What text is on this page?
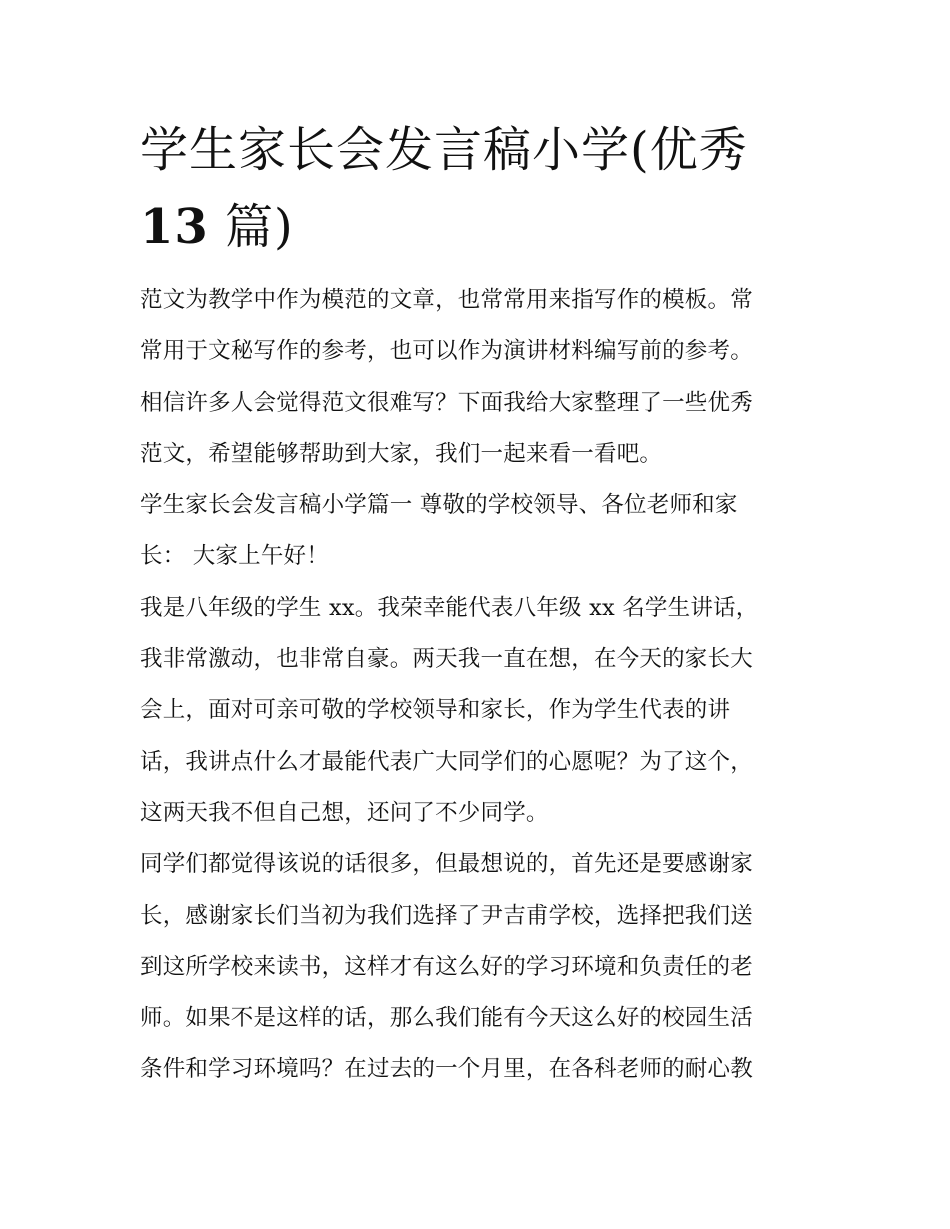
学生家长会发言稿小学(优秀
13 篇)
范文为教学中作为模范的文章，也常常用来指写作的模板。常
常用于文秘写作的参考，也可以作为演讲材料编写前的参考。
相信许多人会觉得范文很难写？下面我给大家整理了一些优秀
范文，希望能够帮助到大家，我们一起来看一看吧。
学生家长会发言稿小学篇一 尊敬的学校领导、各位老师和家
长： 大家上午好！
我是八年级的学生 xx。我荣幸能代表八年级 xx 名学生讲话，
我非常激动，也非常自豪。两天我一直在想，在今天的家长大
会上，面对可亲可敬的学校领导和家长，作为学生代表的讲
话，我讲点什么才最能代表广大同学们的心愿呢？为了这个，
这两天我不但自己想，还问了不少同学。
同学们都觉得该说的话很多，但最想说的，首先还是要感谢家
长，感谢家长们当初为我们选择了尹吉甫学校，选择把我们送
到这所学校来读书，这样才有这么好的学习环境和负责任的老
师。如果不是这样的话，那么我们能有今天这么好的校园生活
条件和学习环境吗？在过去的一个月里，在各科老师的耐心教
